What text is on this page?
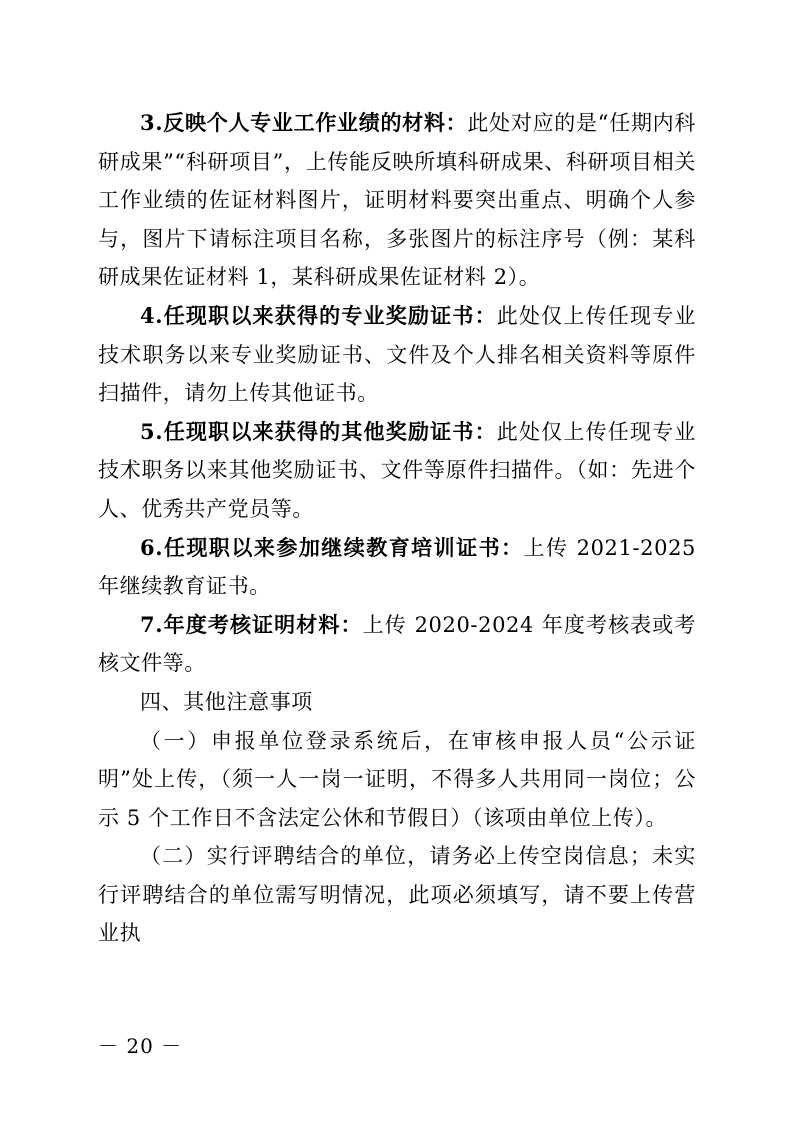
3.反映个人专业工作业绩的材料：此处对应的是“任期内科研成果”“科研项目”，上传能反映所填科研成果、科研项目相关工作业绩的佐证材料图片，证明材料要突出重点、明确个人参与，图片下请标注项目名称，多张图片的标注序号（例：某科研成果佐证材料 1，某科研成果佐证材料 2）。

4.任现职以来获得的专业奖励证书：此处仅上传任现专业技术职务以来专业奖励证书、文件及个人排名相关资料等原件扫描件，请勿上传其他证书。

5.任现职以来获得的其他奖励证书：此处仅上传任现专业技术职务以来其他奖励证书、文件等原件扫描件。（如：先进个人、优秀共产党员等。

6.任现职以来参加继续教育培训证书：上传 2021-2025 年继续教育证书。

7.年度考核证明材料：上传 2020-2024 年度考核表或考核文件等。

四、其他注意事项

（一）申报单位登录系统后，在审核申报人员“公示证明”处上传，（须一人一岗一证明，不得多人共用同一岗位；公示 5 个工作日不含法定公休和节假日）（该项由单位上传）。

（二）实行评聘结合的单位，请务必上传空岗信息；未实行评聘结合的单位需写明情况，此项必须填写，请不要上传营业执

－ 20 －
